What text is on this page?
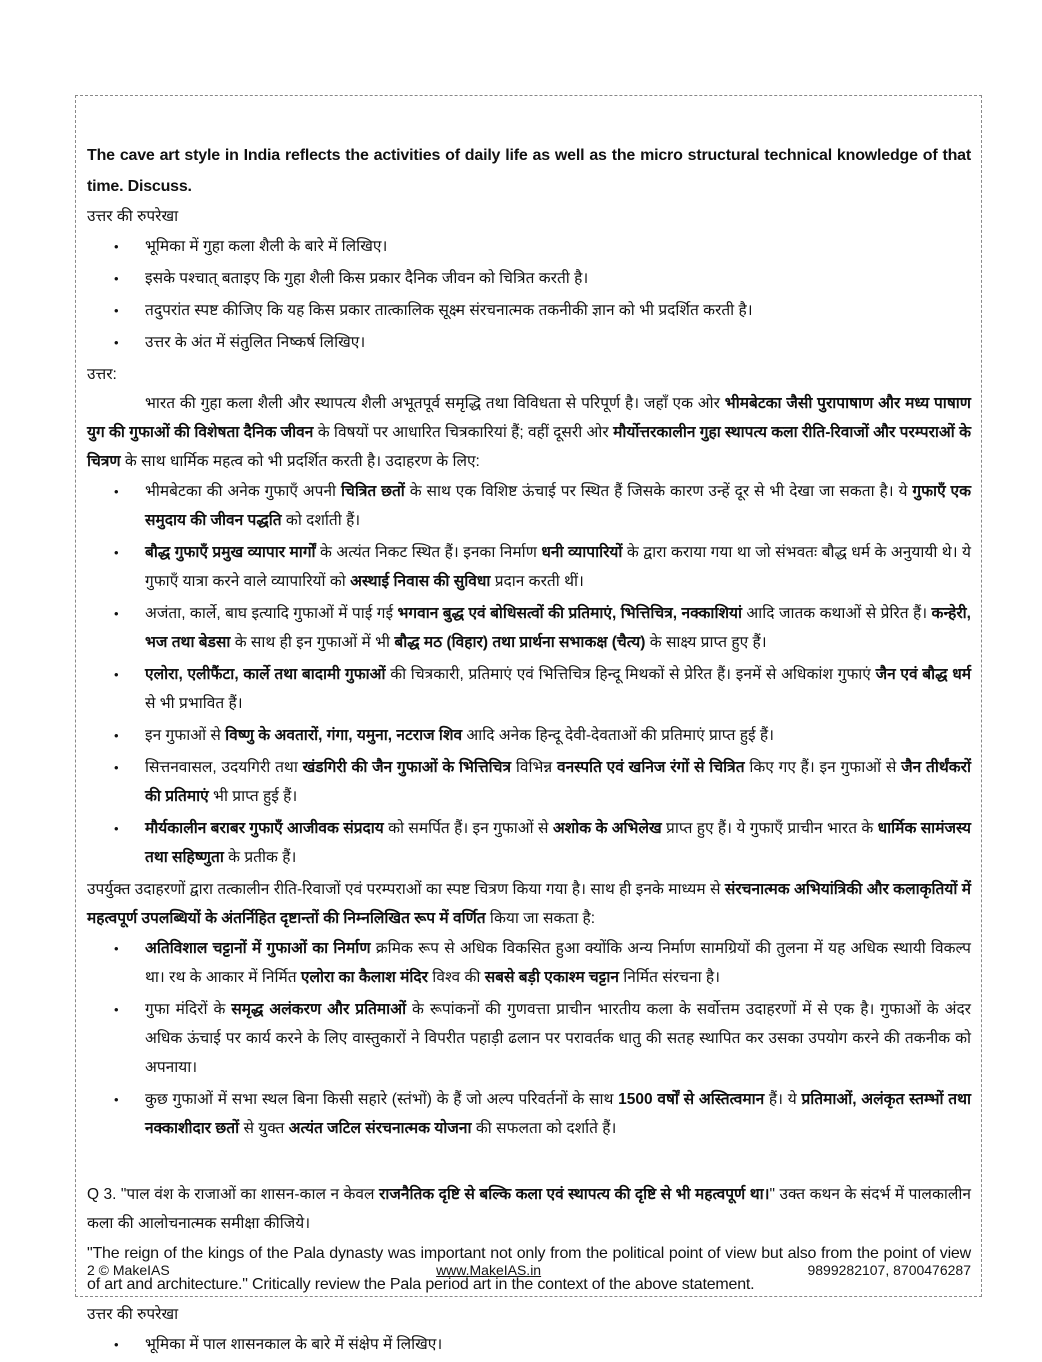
The cave art style in India reflects the activities of daily life as well as the micro structural technical knowledge of that time. Discuss.

उत्तर की रुपरेखा

• भूमिका में गुहा कला शैली के बारे में लिखिए।
• इसके पश्चात् बताइए कि गुहा शैली किस प्रकार दैनिक जीवन को चित्रित करती है।
• तदुपरांत स्पष्ट कीजिए कि यह किस प्रकार तात्कालिक सूक्ष्म संरचनात्मक तकनीकी ज्ञान को भी प्रदर्शित करती है।
• उत्तर के अंत में संतुलित निष्कर्ष लिखिए।

उत्तर:

भारत की गुहा कला शैली और स्थापत्य शैली अभूतपूर्व समृद्धि तथा विविधता से परिपूर्ण है। जहाँ एक ओर भीमबेटका जैसी पुरापाषाण और मध्य पाषाण युग की गुफाओं की विशेषता दैनिक जीवन के विषयों पर आधारित चित्रकारियां हैं; वहीं दूसरी ओर मौर्योत्तरकालीन गुहा स्थापत्य कला रीति-रिवाजों और परम्पराओं के चित्रण के साथ धार्मिक महत्व को भी प्रदर्शित करती है। उदाहरण के लिए:

• भीमबेटका की अनेक गुफाएँ अपनी चित्रित छतों के साथ एक विशिष्ट ऊंचाई पर स्थित हैं जिसके कारण उन्हें दूर से भी देखा जा सकता है। ये गुफाएँ एक समुदाय की जीवन पद्धति को दर्शाती हैं।
• बौद्ध गुफाएँ प्रमुख व्यापार मार्गों के अत्यंत निकट स्थित हैं। इनका निर्माण धनी व्यापारियों के द्वारा कराया गया था जो संभवतः बौद्ध धर्म के अनुयायी थे। ये गुफाएँ यात्रा करने वाले व्यापारियों को अस्थाई निवास की सुविधा प्रदान करती थीं।
• अजंता, कार्ले, बाघ इत्यादि गुफाओं में पाई गई भगवान बुद्ध एवं बोधिसत्वों की प्रतिमाएं, भित्तिचित्र, नक्काशियां आदि जातक कथाओं से प्रेरित हैं। कन्हेरी, भज तथा बेडसा के साथ ही इन गुफाओं में भी बौद्ध मठ (विहार) तथा प्रार्थना सभाकक्ष (चैत्य) के साक्ष्य प्राप्त हुए हैं।
• एलोरा, एलीफैंटा, कार्ले तथा बादामी गुफाओं की चित्रकारी, प्रतिमाएं एवं भित्तिचित्र हिन्दू मिथकों से प्रेरित हैं। इनमें से अधिकांश गुफाएं जैन एवं बौद्ध धर्म से भी प्रभावित हैं।
• इन गुफाओं से विष्णु के अवतारों, गंगा, यमुना, नटराज शिव आदि अनेक हिन्दू देवी-देवताओं की प्रतिमाएं प्राप्त हुई हैं।
• सित्तनवासल, उदयगिरी तथा खंडगिरी की जैन गुफाओं के भित्तिचित्र विभिन्न वनस्पति एवं खनिज रंगों से चित्रित किए गए हैं। इन गुफाओं से जैन तीर्थंकरों की प्रतिमाएं भी प्राप्त हुई हैं।
• मौर्यकालीन बराबर गुफाएँ आजीवक संप्रदाय को समर्पित हैं। इन गुफाओं से अशोक के अभिलेख प्राप्त हुए हैं। ये गुफाएँ प्राचीन भारत के धार्मिक सामंजस्य तथा सहिष्णुता के प्रतीक हैं।

उपर्युक्त उदाहरणों द्वारा तत्कालीन रीति-रिवाजों एवं परम्पराओं का स्पष्ट चित्रण किया गया है। साथ ही इनके माध्यम से संरचनात्मक अभियांत्रिकी और कलाकृतियों में महत्वपूर्ण उपलब्धियों के अंतर्निहित दृष्टान्तों की निम्नलिखित रूप में वर्णित किया जा सकता है:

• अतिविशाल चट्टानों में गुफाओं का निर्माण क्रमिक रूप से अधिक विकसित हुआ क्योंकि अन्य निर्माण सामग्रियों की तुलना में यह अधिक स्थायी विकल्प था। रथ के आकार में निर्मित एलोरा का कैलाश मंदिर विश्व की सबसे बड़ी एकाश्म चट्टान निर्मित संरचना है।
• गुफा मंदिरों के समृद्ध अलंकरण और प्रतिमाओं के रूपांकनों की गुणवत्ता प्राचीन भारतीय कला के सर्वोत्तम उदाहरणों में से एक है। गुफाओं के अंदर अधिक ऊंचाई पर कार्य करने के लिए वास्तुकारों ने विपरीत पहाड़ी ढलान पर परावर्तक धातु की सतह स्थापित कर उसका उपयोग करने की तकनीक को अपनाया।
• कुछ गुफाओं में सभा स्थल बिना किसी सहारे (स्तंभों) के हैं जो अल्प परिवर्तनों के साथ 1500 वर्षों से अस्तित्वमान हैं। ये प्रतिमाओं, अलंकृत स्तम्भों तथा नक्काशीदार छतों से युक्त अत्यंत जटिल संरचनात्मक योजना की सफलता को दर्शाते हैं।

Q 3. "पाल वंश के राजाओं का शासन-काल न केवल राजनैतिक दृष्टि से बल्कि कला एवं स्थापत्य की दृष्टि से भी महत्वपूर्ण था।" उक्त कथन के संदर्भ में पालकालीन कला की आलोचनात्मक समीक्षा कीजिये।

"The reign of the kings of the Pala dynasty was important not only from the political point of view but also from the point of view of art and architecture." Critically review the Pala period art in the context of the above statement.

उत्तर की रुपरेखा

• भूमिका में पाल शासनकाल के बारे में संक्षेप में लिखिए।
2 © MakeIAS	www.MakeIAS.in	9899282107, 8700476287
